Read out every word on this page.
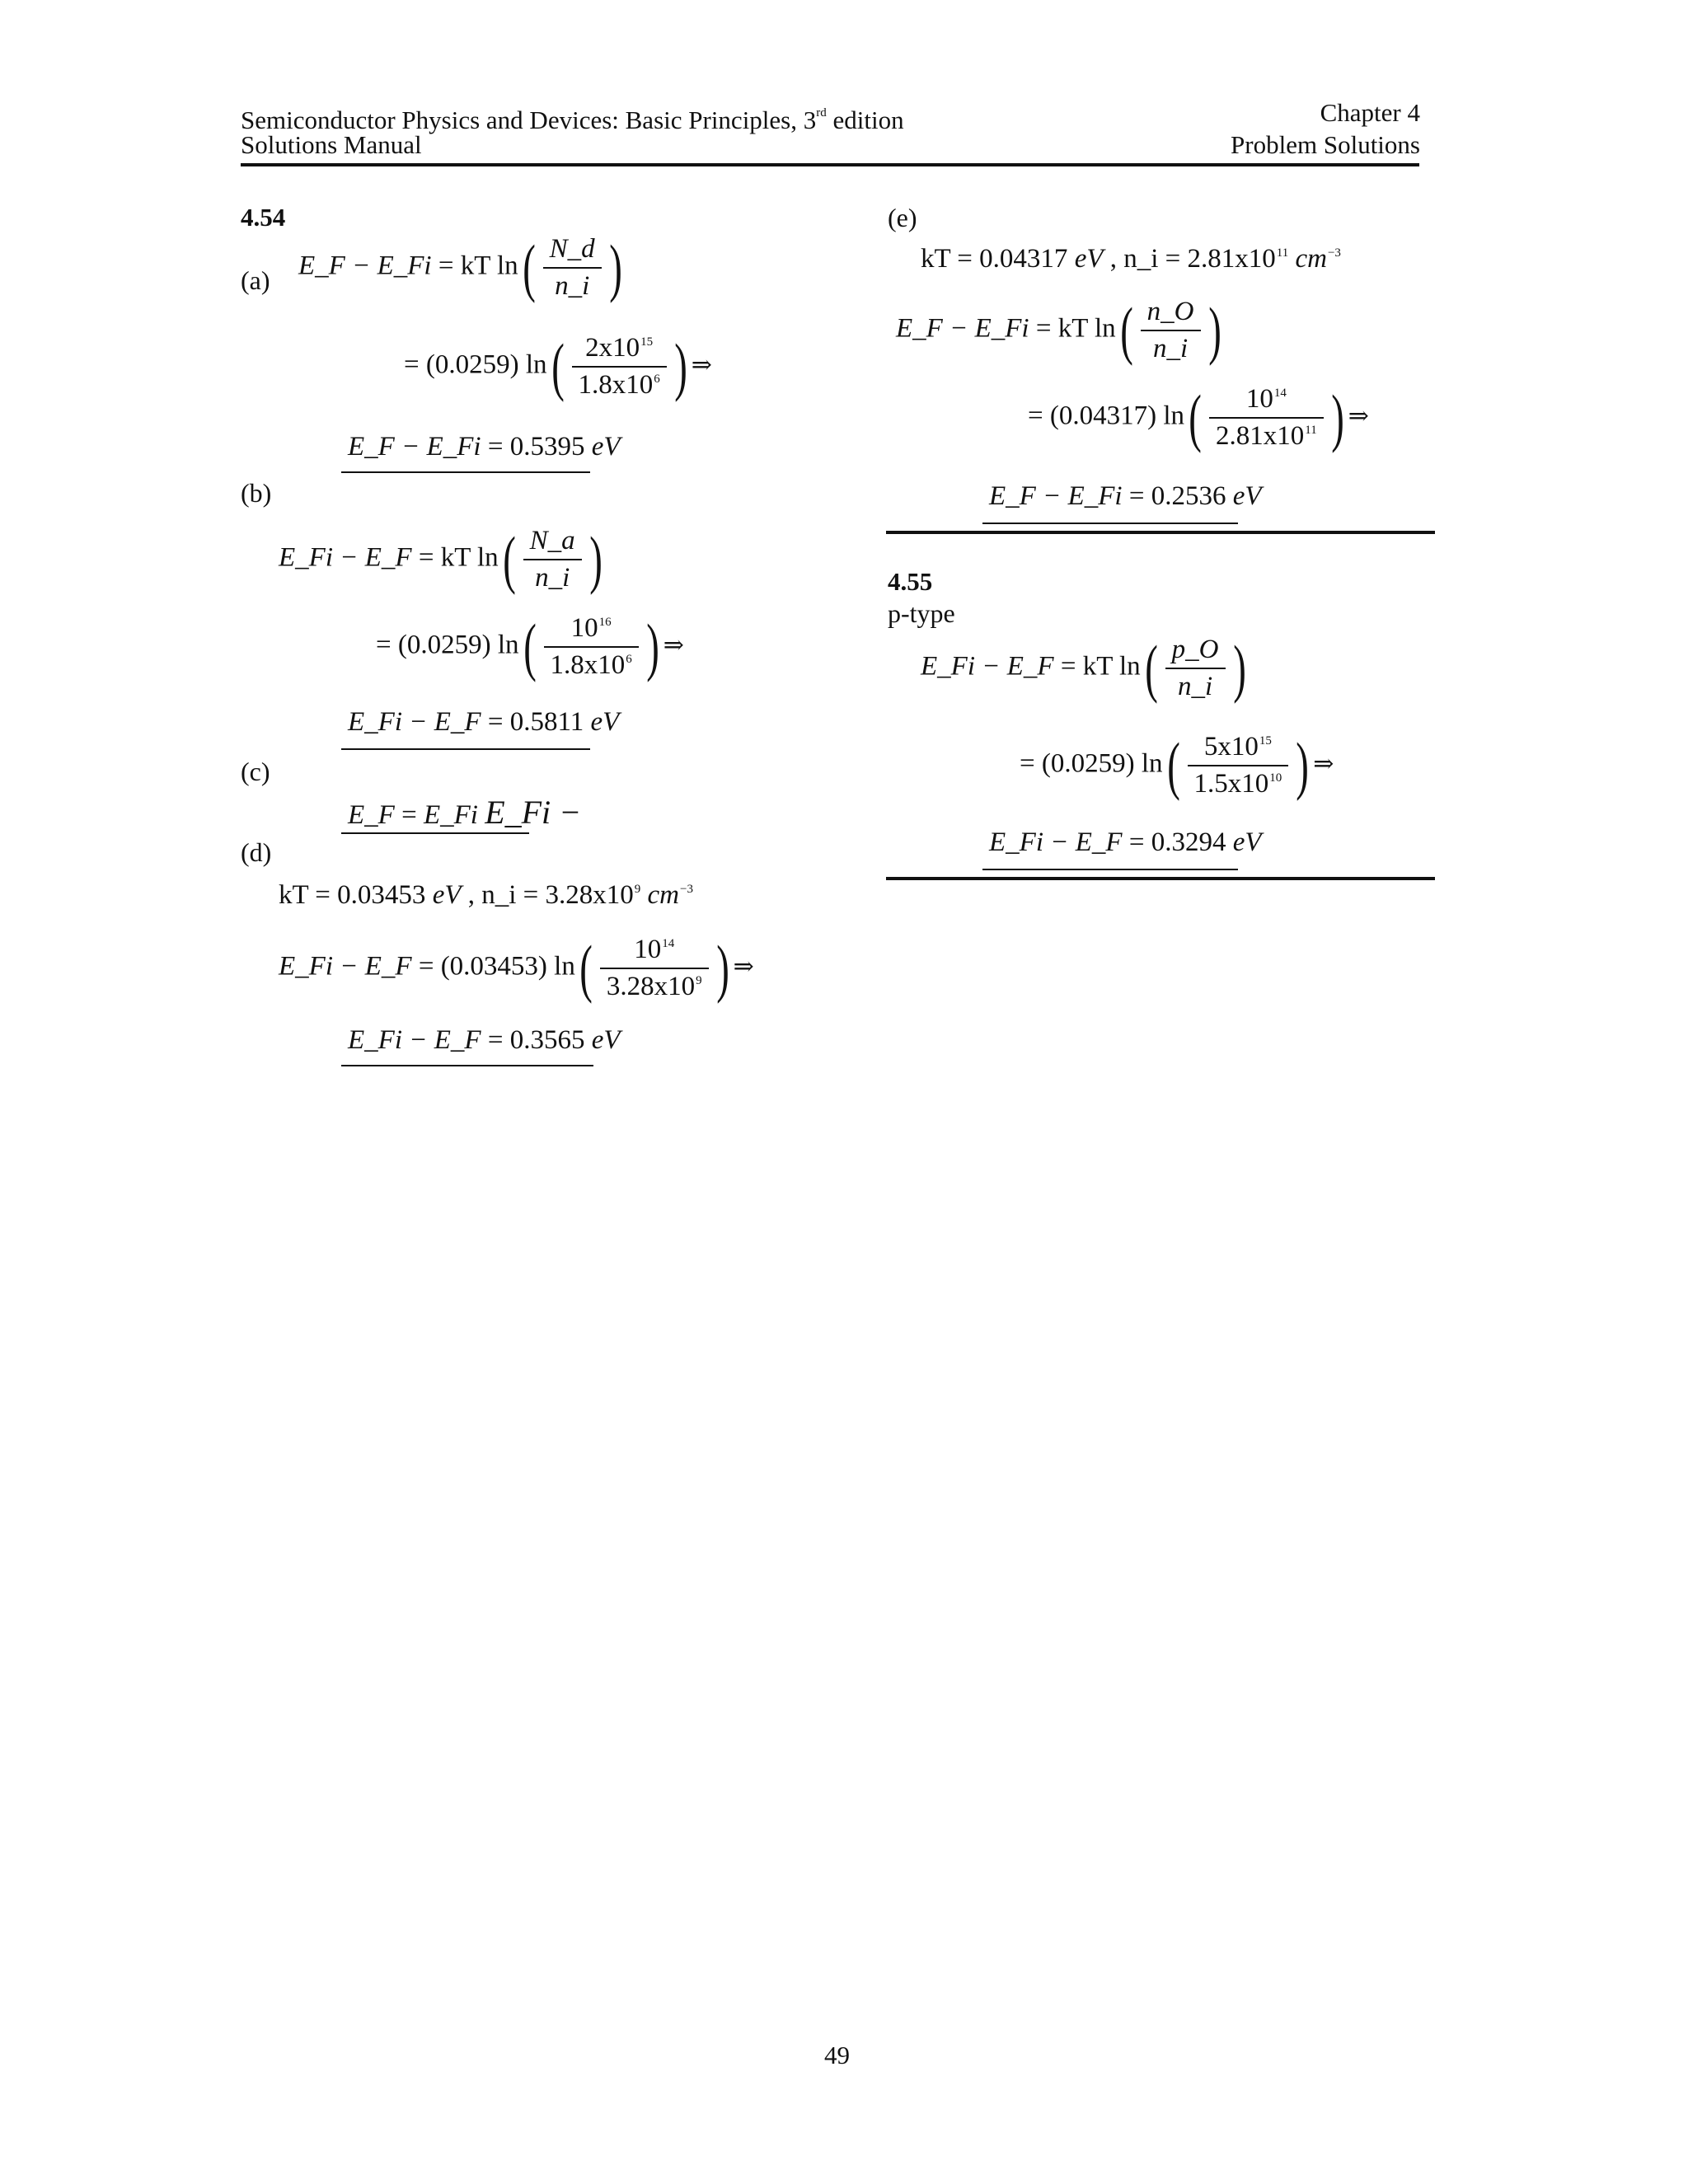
Semiconductor Physics and Devices: Basic Principles, 3rd edition
Solutions Manual
Chapter 4
Problem Solutions
4.54
(a) E_F − E_Fi = kT $\ln( \frac{N\_d}{n\_i}$ )
= (0.0259) $\ln( \frac{2x10^{15}}{1.8x10^6}$ ) ⇒
E_F − E_Fi = 0.5395 eV
(b)
E_Fi − E_F = kT $\ln( \frac{N\_a}{n\_i}$ )
= (0.0259) $\ln( \frac{10^{16}}{1.8x10^6}$ ) ⇒
E_Fi − E_F = 0.5811 eV
(c)
E_F = E_Fi E_Fi −
(d)
kT = 0.03453 eV , n_i = $3.28x10^9$ $cm^{-3}$
E_Fi − E_F = (0.03453) $\ln( \frac{10^{14}}{3.28x10^9}$ ) ⇒
E_Fi − E_F = 0.3565 eV
(e)
kT = 0.04317 eV , n_i = $2.81x10^{11}$ $cm^{-3}$
E_F − E_Fi = kT $\ln( \frac{n\_O}{n\_i}$ )
= (0.04317) $\ln( \frac{10^{14}}{2.81x10^{11}}$ ) ⇒
E_F − E_Fi = 0.2536 eV
4.55
p-type
E_Fi − E_F = kT $\ln( \frac{p\_O}{n\_i}$ )
= (0.0259) $\ln( \frac{5x10^{15}}{1.5x10^{10}}$ ) ⇒
E_Fi − E_F = 0.3294 eV
49
